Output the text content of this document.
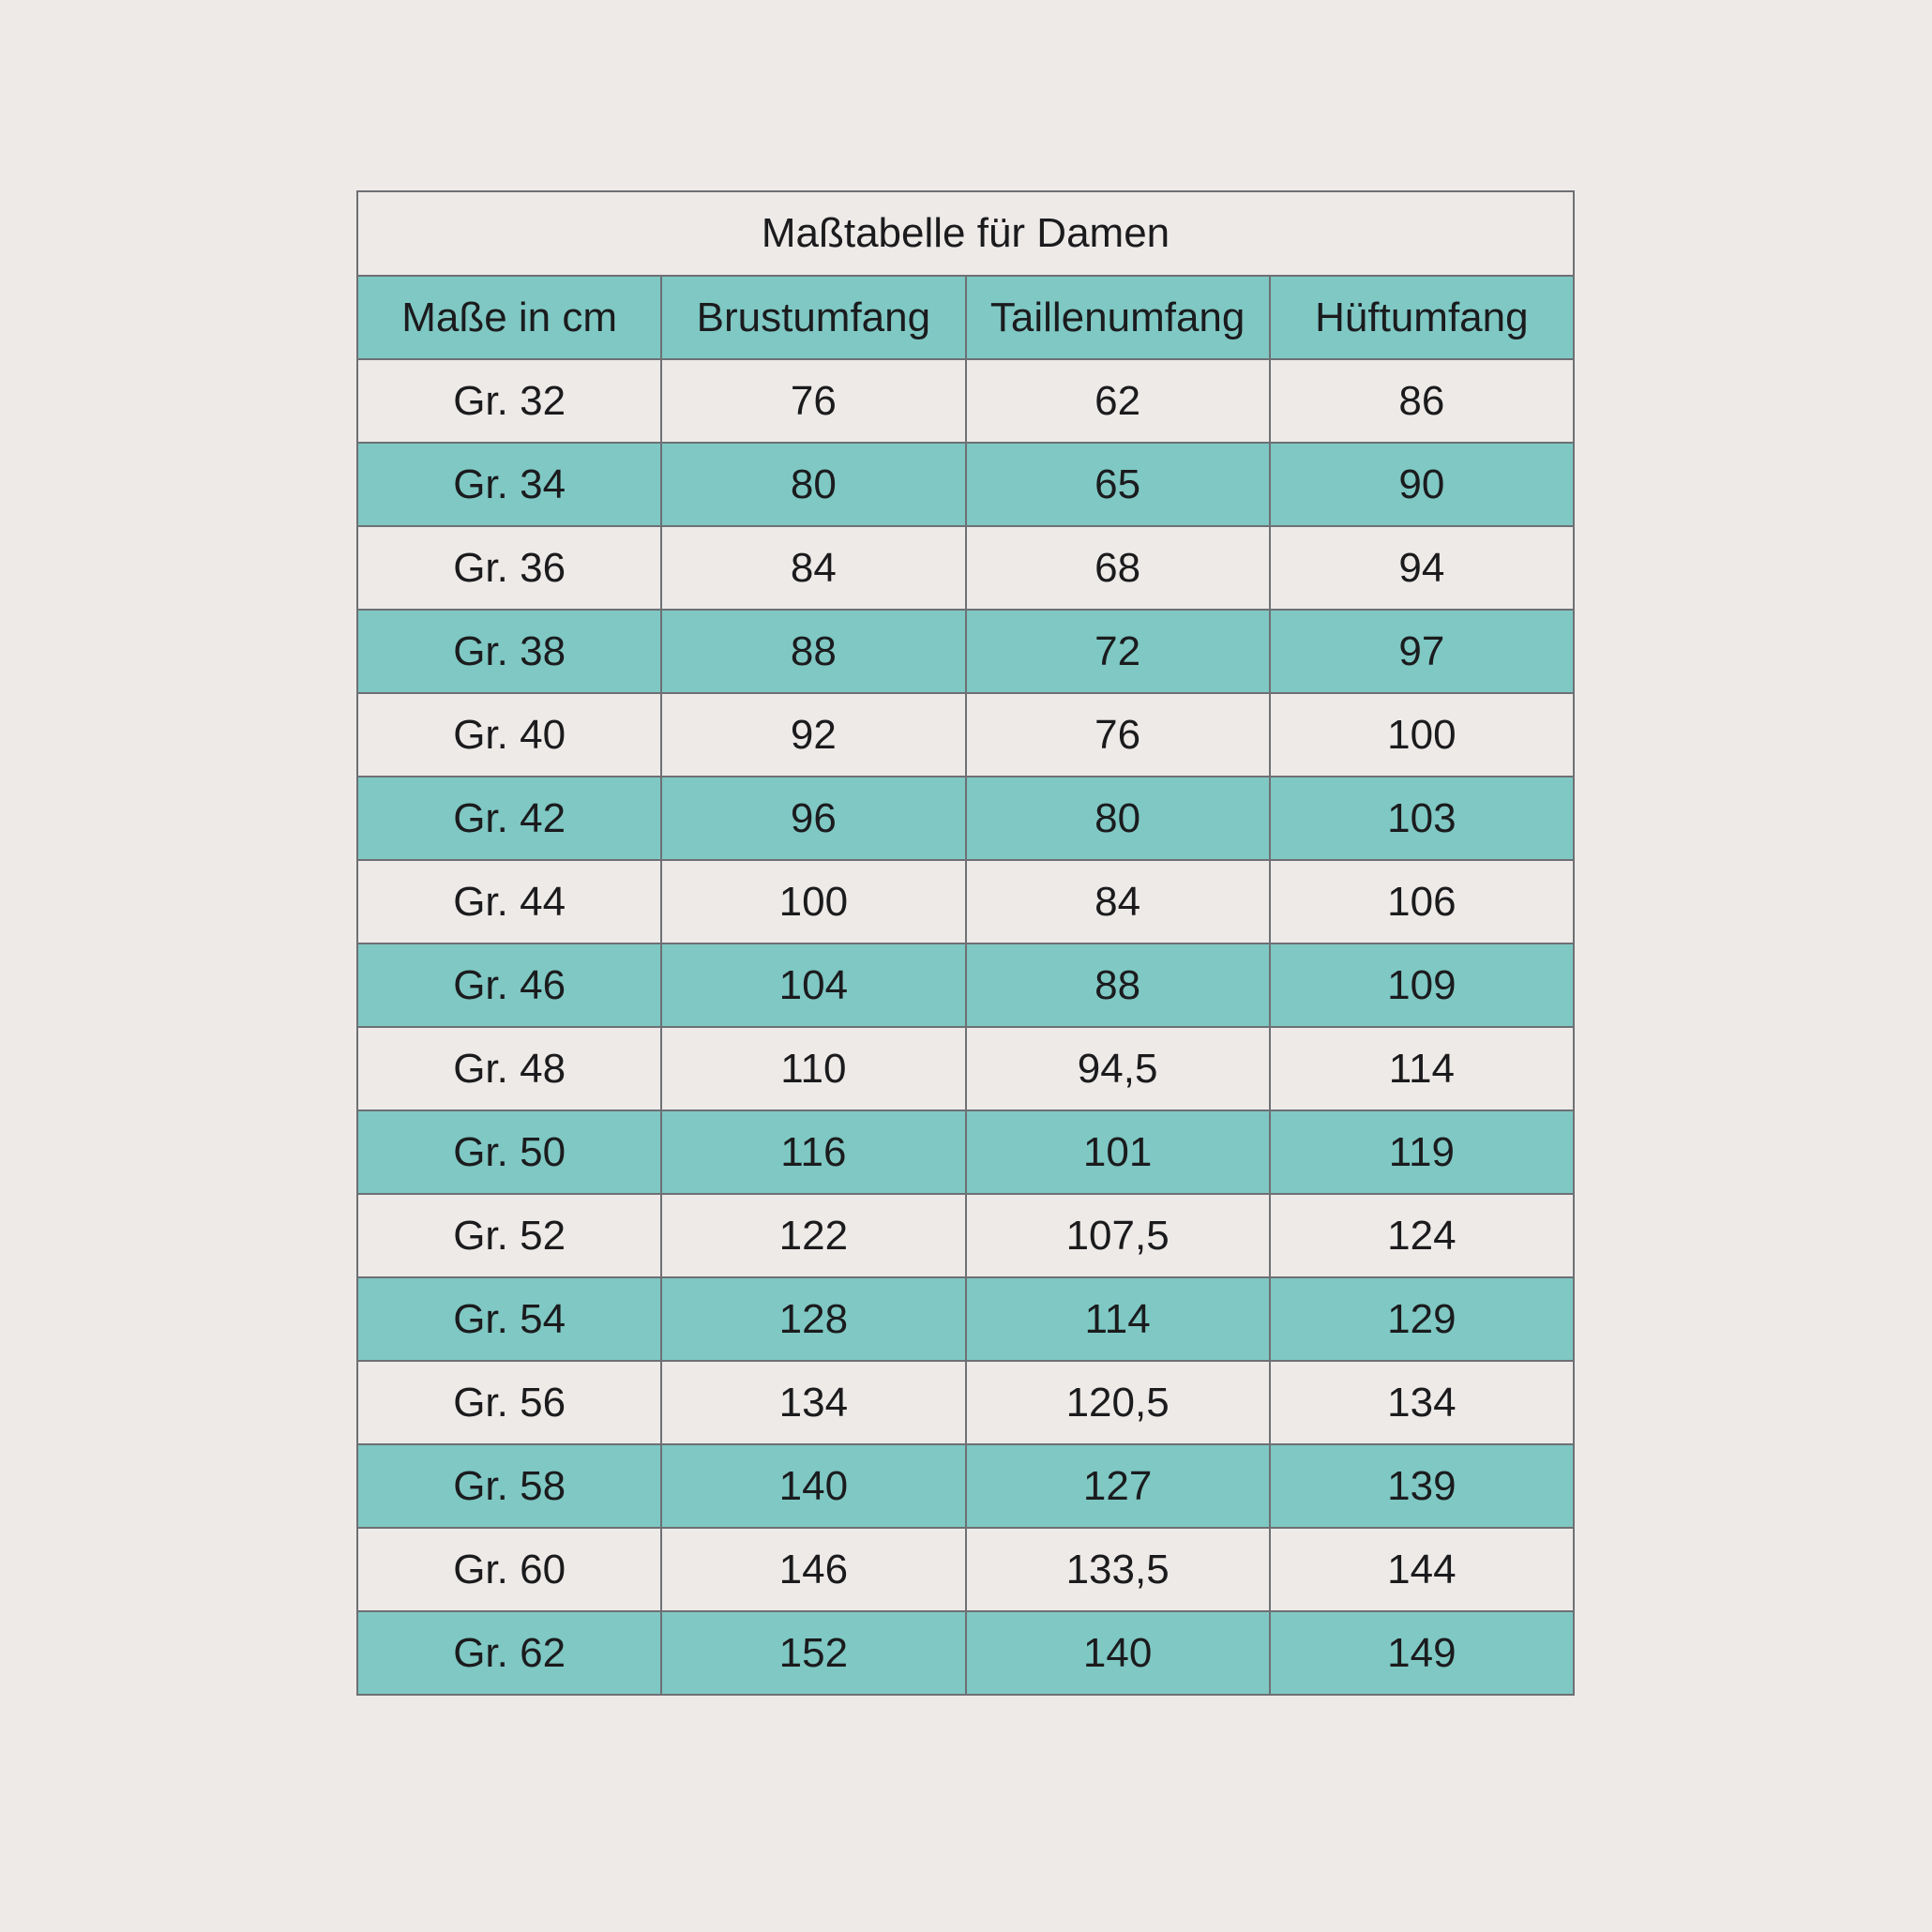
Maßtabelle für Damen			
Maße in cm	Brustumfang	Taillenumfang	Hüftumfang
Gr. 32	76	62	86
Gr. 34	80	65	90
Gr. 36	84	68	94
Gr. 38	88	72	97
Gr. 40	92	76	100
Gr. 42	96	80	103
Gr. 44	100	84	106
Gr. 46	104	88	109
Gr. 48	110	94,5	114
Gr. 50	116	101	119
Gr. 52	122	107,5	124
Gr. 54	128	114	129
Gr. 56	134	120,5	134
Gr. 58	140	127	139
Gr. 60	146	133,5	144
Gr. 62	152	140	149
